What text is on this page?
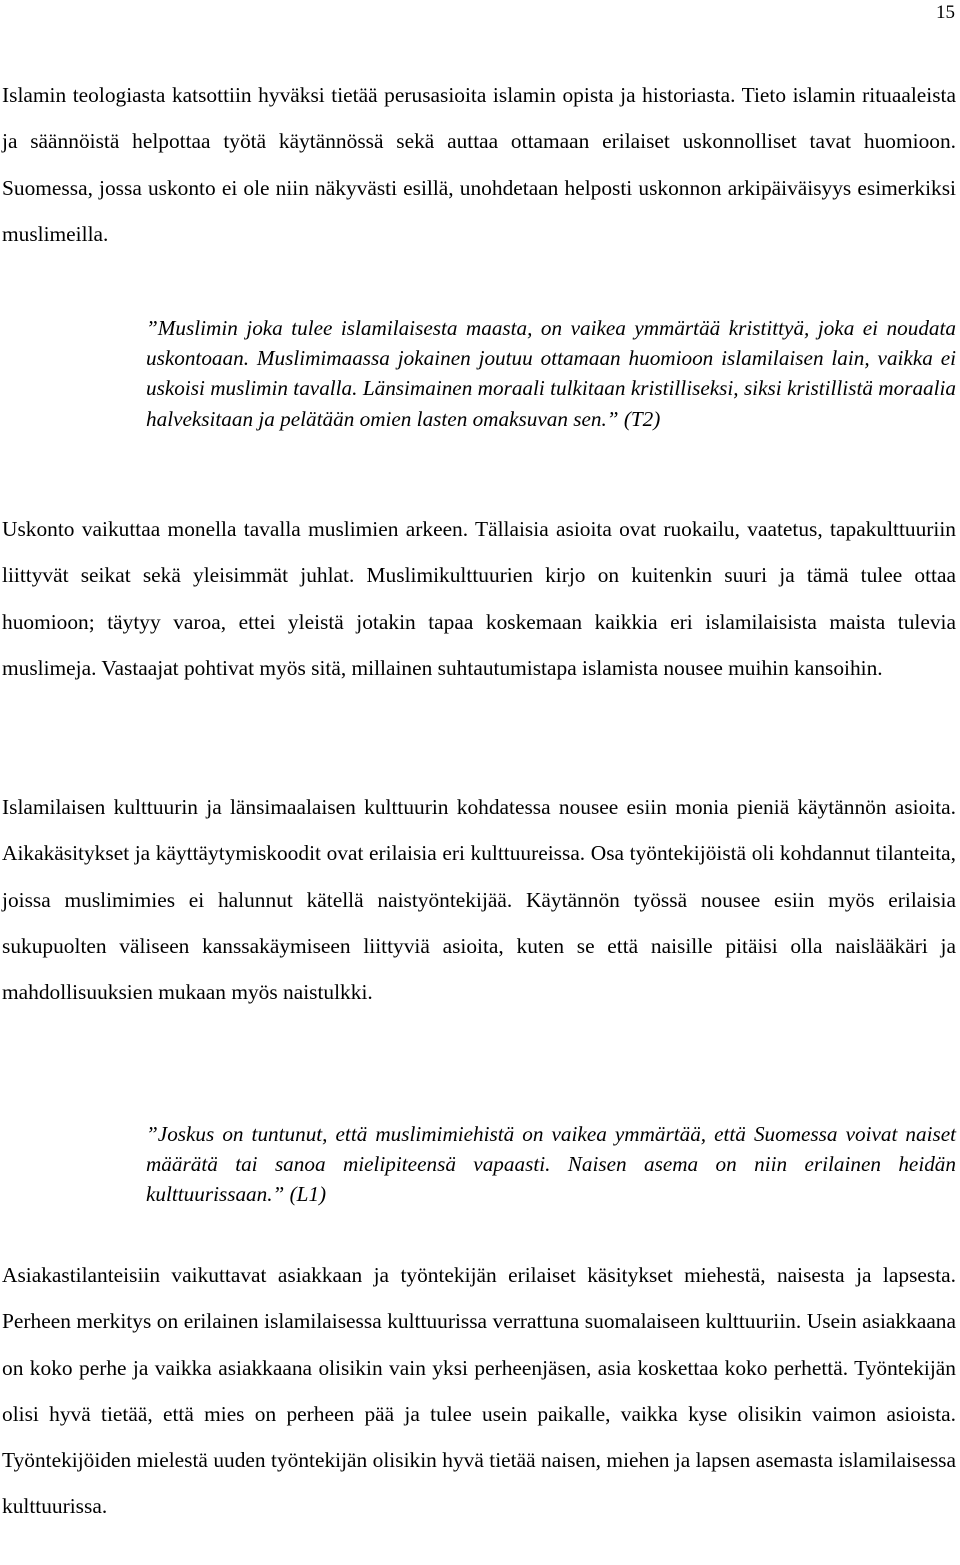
15

Islamin teologiasta katsottiin hyväksi tietää perusasioita islamin opista ja historiasta. Tieto islamin rituaaleista ja säännöistä helpottaa työtä käytännössä sekä auttaa ottamaan erilaiset uskonnolliset tavat huomioon. Suomessa, jossa uskonto ei ole niin näkyvästi esillä, unohdetaan helposti uskonnon arkipäiväisyys esimerkiksi muslimeilla.

”Muslimin joka tulee islamilaisesta maasta, on vaikea ymmärtää kristittyä, joka ei noudata uskontoaan. Muslimimaassa jokainen joutuu ottamaan huomioon islamilaisen lain, vaikka ei uskoisi muslimin tavalla. Länsimainen moraali tulkitaan kristilliseksi, siksi kristillistä moraalia halveksitaan ja pelätään omien lasten omaksuvan sen.” (T2)

Uskonto vaikuttaa monella tavalla muslimien arkeen. Tällaisia asioita ovat ruokailu, vaatetus, tapakulttuuriin liittyvät seikat sekä yleisimmät juhlat. Muslimikulttuurien kirjo on kuitenkin suuri ja tämä tulee ottaa huomioon; täytyy varoa, ettei yleistä jotakin tapaa koskemaan kaikkia eri islamilaisista maista tulevia muslimeja. Vastaajat pohtivat myös sitä, millainen suhtautumistapa islamista nousee muihin kansoihin.

Islamilaisen kulttuurin ja länsimaalaisen kulttuurin kohdatessa nousee esiin monia pieniä käytännön asioita. Aikakäsitykset ja käyttäytymiskoodit ovat erilaisia eri kulttuureissa. Osa työntekijöistä oli kohdannut tilanteita, joissa muslimimies ei halunnut kätellä naistyöntekijää. Käytännön työssä nousee esiin myös erilaisia sukupuolten väliseen kanssakäymiseen liittyviä asioita, kuten se että naisille pitäisi olla naislääkäri ja mahdollisuuksien mukaan myös naistulkki.

”Joskus on tuntunut, että muslimimiehistä on vaikea ymmärtää, että Suomessa voivat naiset määrätä tai sanoa mielipiteensä vapaasti. Naisen asema on niin erilainen heidän kulttuurissaan.” (L1)

Asiakastilanteisiin vaikuttavat asiakkaan ja työntekijän erilaiset käsitykset miehestä, naisesta ja lapsesta. Perheen merkitys on erilainen islamilaisessa kulttuurissa verrattuna suomalaiseen kulttuuriin. Usein asiakkaana on koko perhe ja vaikka asiakkaana olisikin vain yksi perheenjäsen, asia koskettaa koko perhettä. Työntekijän olisi hyvä tietää, että mies on perheen pää ja tulee usein paikalle, vaikka kyse olisikin vaimon asioista. Työntekijöiden mielestä uuden työntekijän olisikin hyvä tietää naisen, miehen ja lapsen asemasta islamilaisessa kulttuurissa.
